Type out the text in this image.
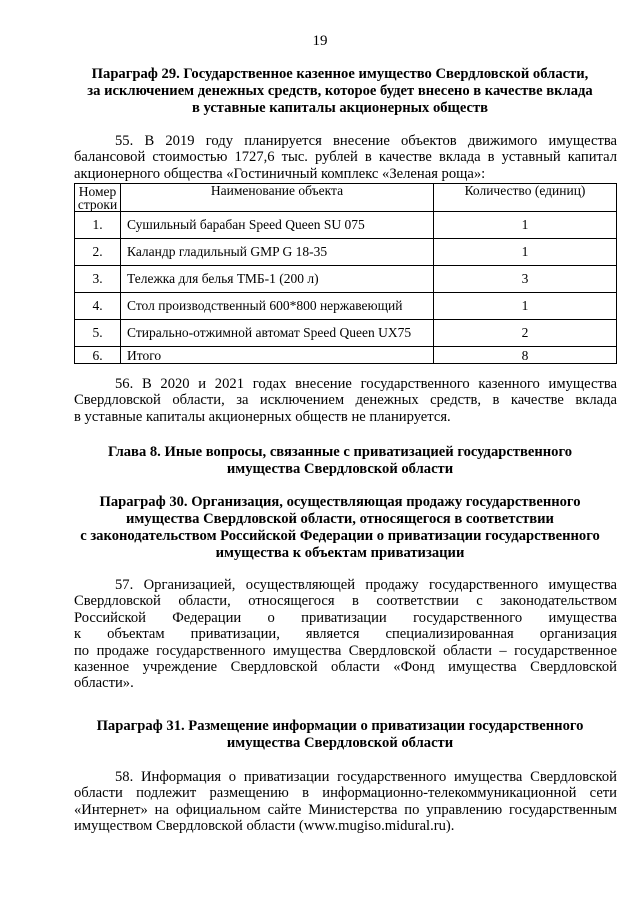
19
Параграф 29. Государственное казенное имущество Свердловской области,
за исключением денежных средств, которое будет внесено в качестве вклада
в уставные капиталы акционерных обществ
55. В 2019 году планируется внесение объектов движимого имущества
балансовой стоимостью 1727,6 тыс. рублей в качестве вклада в уставный капитал
акционерного общества «Гостиничный комплекс «Зеленая роща»:
Номер строки	Наименование объекта	Количество (единиц)
1.	Сушильный барабан Speed Queen SU 075	1
2.	Каландр гладильный GMP G 18-35	1
3.	Тележка для белья ТМБ-1 (200 л)	3
4.	Стол производственный 600*800 нержавеющий	1
5.	Стирально-отжимной автомат Speed Queen UX75	2
6.	Итого	8
56. В 2020 и 2021 годах внесение государственного казенного имущества
Свердловской области, за исключением денежных средств, в качестве вклада
в уставные капиталы акционерных обществ не планируется.
Глава 8. Иные вопросы, связанные с приватизацией государственного
имущества Свердловской области
Параграф 30. Организация, осуществляющая продажу государственного
имущества Свердловской области, относящегося в соответствии
с законодательством Российской Федерации о приватизации государственного
имущества к объектам приватизации
57. Организацией, осуществляющей продажу государственного имущества
Свердловской области, относящегося в соответствии с законодательством
Российской Федерации о приватизации государственного имущества
к объектам приватизации, является специализированная организация
по продаже государственного имущества Свердловской области – государственное
казенное учреждение Свердловской области «Фонд имущества Свердловской
области».
Параграф 31. Размещение информации о приватизации государственного
имущества Свердловской области
58. Информация о приватизации государственного имущества Свердловской
области подлежит размещению в информационно-телекоммуникационной сети
«Интернет» на официальном сайте Министерства по управлению государственным
имуществом Свердловской области (www.mugiso.midural.ru).
